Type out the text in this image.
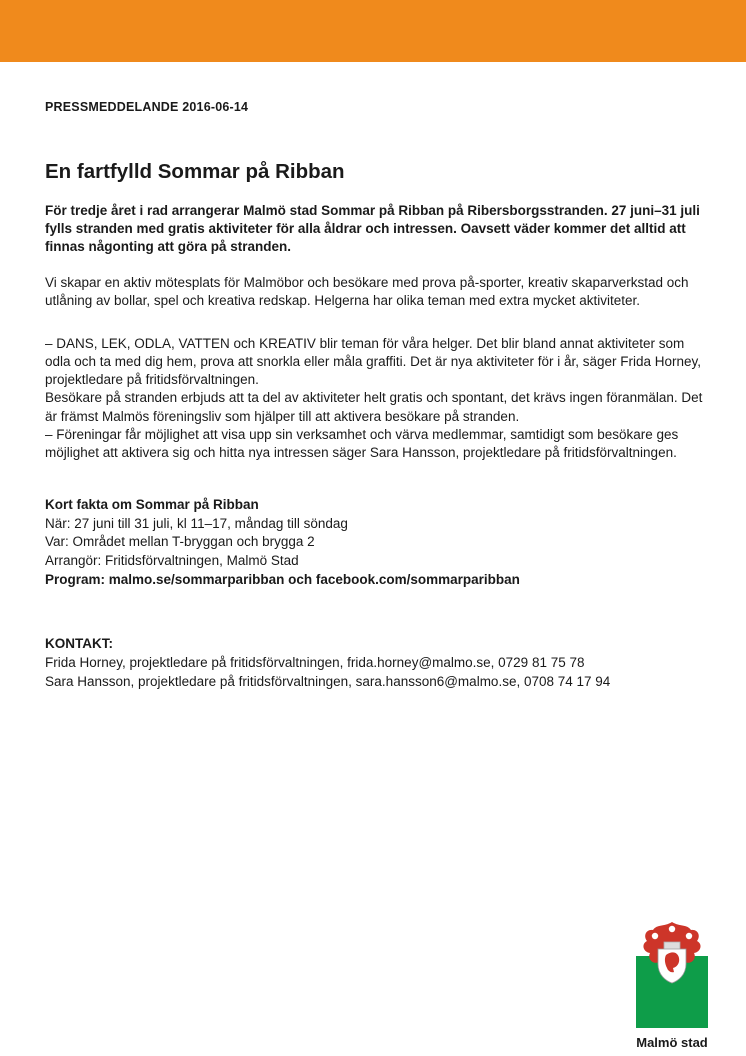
PRESSMEDDELANDE 2016-06-14
En fartfylld Sommar på Ribban

För tredje året i rad arrangerar Malmö stad Sommar på Ribban på Ribersborgsstranden. 27 juni–31 juli fylls stranden med gratis aktiviteter för alla åldrar och intressen. Oavsett väder kommer det alltid att finnas någonting att göra på stranden.

Vi skapar en aktiv mötesplats för Malmöbor och besökare med prova på-sporter, kreativ skaparverkstad och utlåning av bollar, spel och kreativa redskap. Helgerna har olika teman med extra mycket aktiviteter.

– DANS, LEK, ODLA, VATTEN och KREATIV blir teman för våra helger. Det blir bland annat aktiviteter som odla och ta med dig hem, prova att snorkla eller måla graffiti. Det är nya aktiviteter för i år, säger Frida Horney, projektledare på fritidsförvaltningen.

Besökare på stranden erbjuds att ta del av aktiviteter helt gratis och spontant, det krävs ingen föranmälan. Det är främst Malmös föreningsliv som hjälper till att aktivera besökare på stranden.

– Föreningar får möjlighet att visa upp sin verksamhet och värva medlemmar, samtidigt som besökare ges möjlighet att aktivera sig och hitta nya intressen säger Sara Hansson, projektledare på fritidsförvaltningen.

Kort fakta om Sommar på Ribban
När: 27 juni till 31 juli, kl 11–17, måndag till söndag
Var: Området mellan T-bryggan och brygga 2
Arrangör: Fritidsförvaltningen, Malmö Stad
Program: malmo.se/sommarparibban och facebook.com/sommarparibban
KONTAKT:
Frida Horney, projektledare på fritidsförvaltningen, frida.horney@malmo.se, 0729 81 75 78
Sara Hansson, projektledare på fritidsförvaltningen, sara.hansson6@malmo.se, 0708 74 17 94
Malmö stad
